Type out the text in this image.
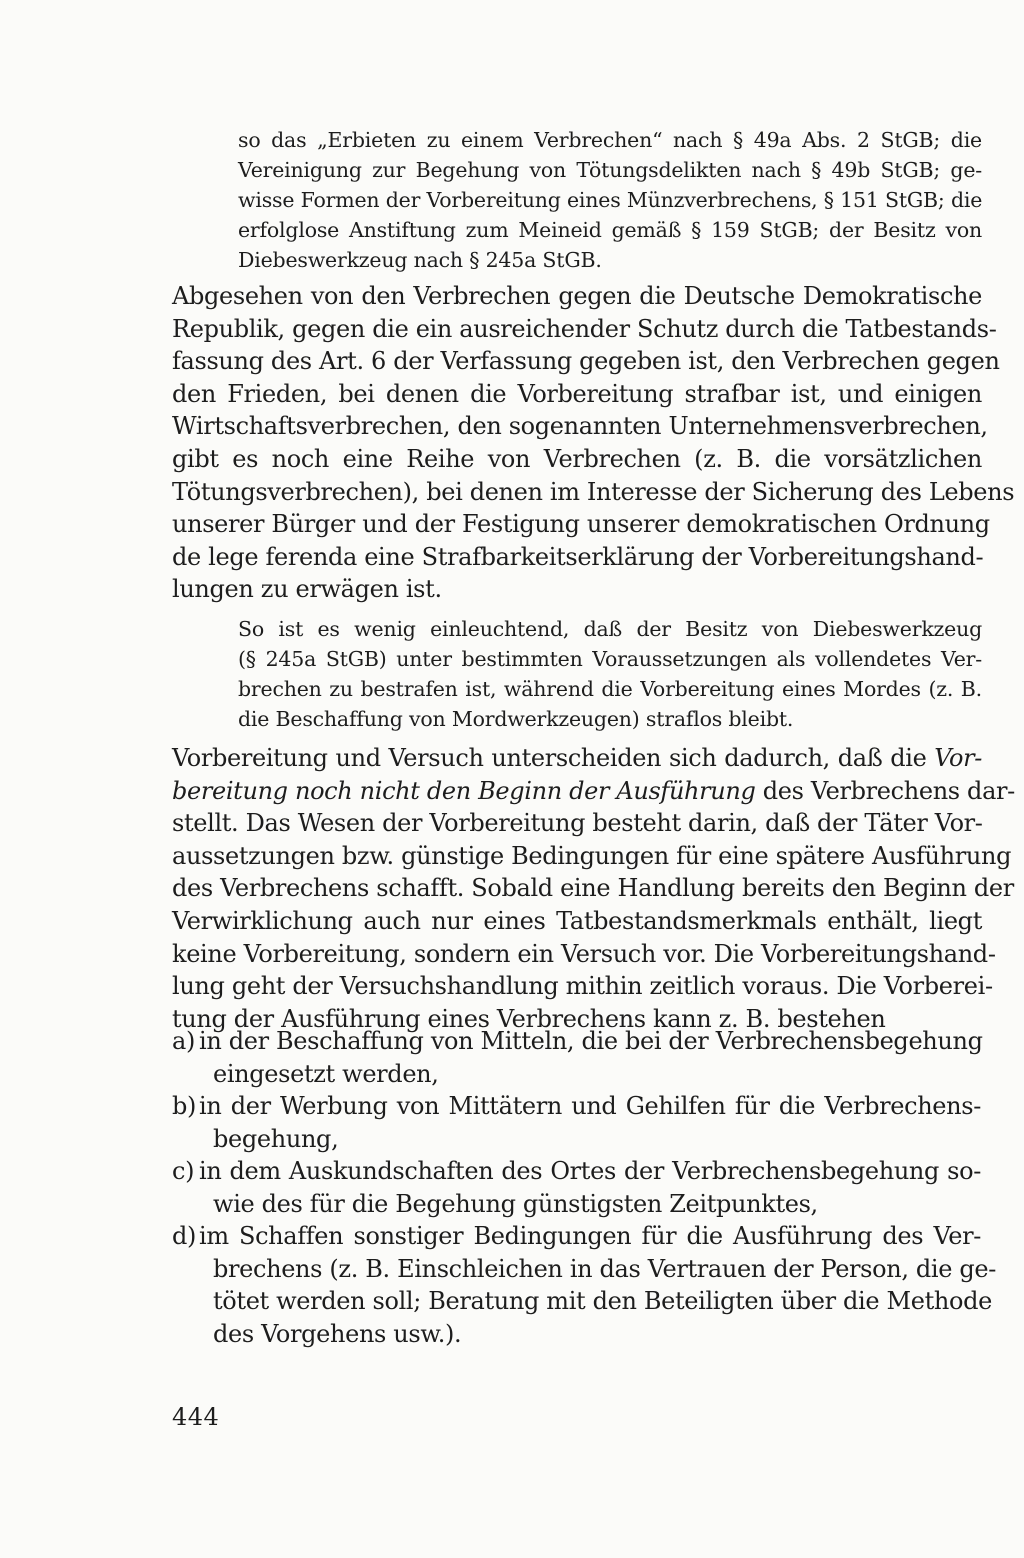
so das „Erbieten zu einem Verbrechen“ nach § 49a Abs. 2 StGB; die
Vereinigung zur Begehung von Tötungsdelikten nach § 49b StGB; ge-
wisse Formen der Vorbereitung eines Münzverbrechens, § 151 StGB; die
erfolglose Anstiftung zum Meineid gemäß § 159 StGB; der Besitz von
Diebeswerkzeug nach § 245a StGB.
Abgesehen von den Verbrechen gegen die Deutsche Demokratische
Republik, gegen die ein ausreichender Schutz durch die Tatbestands-
fassung des Art. 6 der Verfassung gegeben ist, den Verbrechen gegen
den Frieden, bei denen die Vorbereitung strafbar ist, und einigen
Wirtschaftsverbrechen, den sogenannten Unternehmensverbrechen,
gibt es noch eine Reihe von Verbrechen (z. B. die vorsätzlichen
Tötungsverbrechen), bei denen im Interesse der Sicherung des Lebens
unserer Bürger und der Festigung unserer demokratischen Ordnung
de lege ferenda eine Strafbarkeitserklärung der Vorbereitungshand-
lungen zu erwägen ist.
So ist es wenig einleuchtend, daß der Besitz von Diebeswerkzeug
(§ 245a StGB) unter bestimmten Voraussetzungen als vollendetes Ver-
brechen zu bestrafen ist, während die Vorbereitung eines Mordes (z. B.
die Beschaffung von Mordwerkzeugen) straflos bleibt.
Vorbereitung und Versuch unterscheiden sich dadurch, daß die Vor-
bereitung noch nicht den Beginn der Ausführung des Verbrechens dar-
stellt. Das Wesen der Vorbereitung besteht darin, daß der Täter Vor-
aussetzungen bzw. günstige Bedingungen für eine spätere Ausführung
des Verbrechens schafft. Sobald eine Handlung bereits den Beginn der
Verwirklichung auch nur eines Tatbestandsmerkmals enthält, liegt
keine Vorbereitung, sondern ein Versuch vor. Die Vorbereitungshand-
lung geht der Versuchshandlung mithin zeitlich voraus. Die Vorberei-
tung der Ausführung eines Verbrechens kann z. B. bestehen
a) in der Beschaffung von Mitteln, die bei der Verbrechensbegehung
eingesetzt werden,
b) in der Werbung von Mittätern und Gehilfen für die Verbrechens-
begehung,
c) in dem Auskundschaften des Ortes der Verbrechensbegehung so-
wie des für die Begehung günstigsten Zeitpunktes,
d) im Schaffen sonstiger Bedingungen für die Ausführung des Ver-
brechens (z. B. Einschleichen in das Vertrauen der Person, die ge-
tötet werden soll; Beratung mit den Beteiligten über die Methode
des Vorgehens usw.).
444
